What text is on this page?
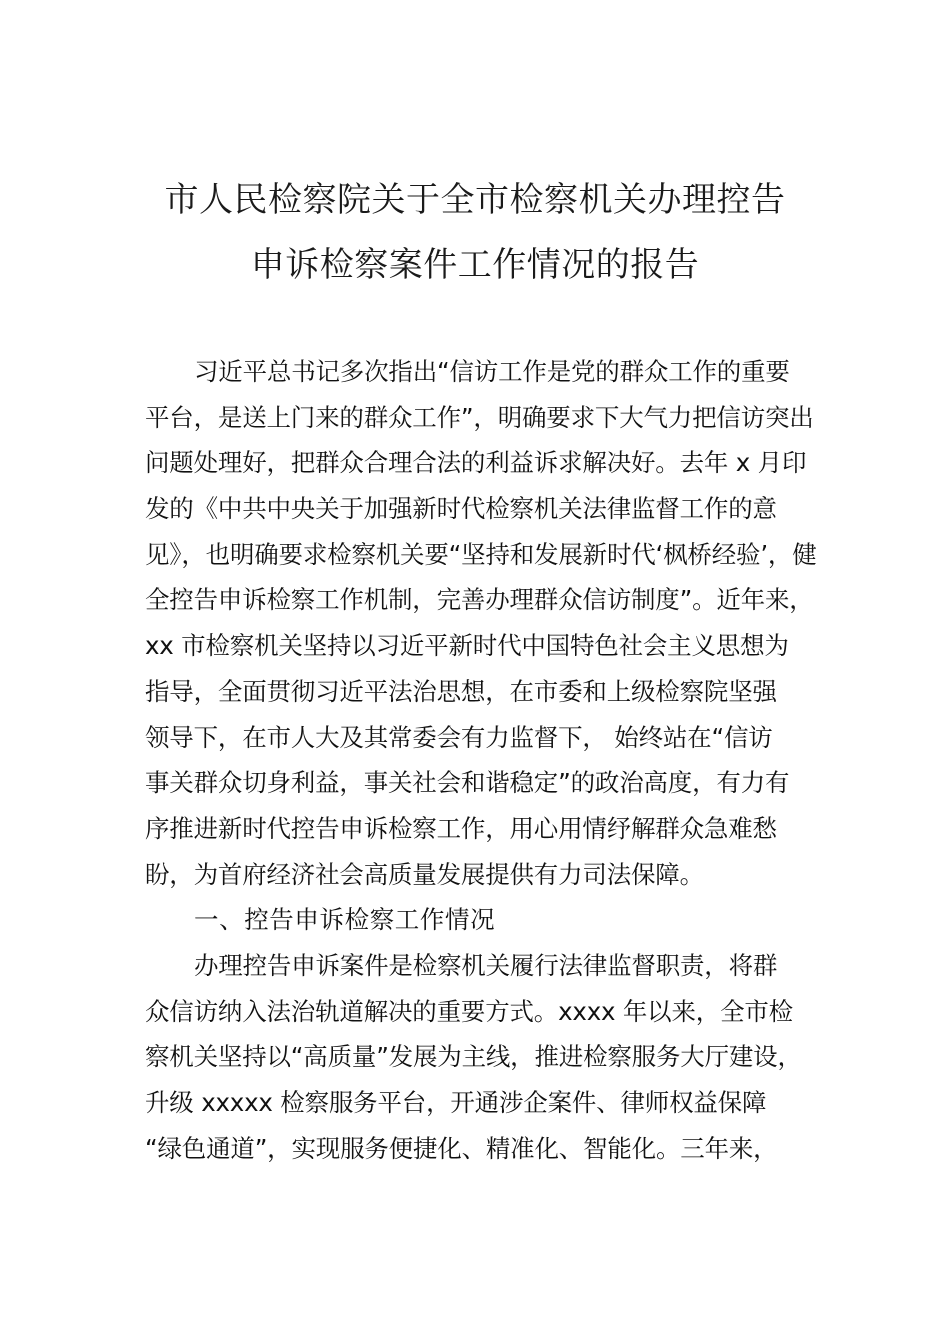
市人民检察院关于全市检察机关办理控告
申诉检察案件工作情况的报告
习近平总书记多次指出“信访工作是党的群众工作的重要
平台，是送上门来的群众工作”，明确要求下大气力把信访突出
问题处理好，把群众合理合法的利益诉求解决好。去年 x 月印
发的《中共中央关于加强新时代检察机关法律监督工作的意
见》，也明确要求检察机关要“坚持和发展新时代‘枫桥经验’，健
全控告申诉检察工作机制，完善办理群众信访制度”。近年来，
xx 市检察机关坚持以习近平新时代中国特色社会主义思想为
指导，全面贯彻习近平法治思想，在市委和上级检察院坚强
领导下，在市人大及其常委会有力监督下， 始终站在“信访
事关群众切身利益，事关社会和谐稳定”的政治高度，有力有
序推进新时代控告申诉检察工作，用心用情纾解群众急难愁
盼，为首府经济社会高质量发展提供有力司法保障。
一、控告申诉检察工作情况
办理控告申诉案件是检察机关履行法律监督职责，将群
众信访纳入法治轨道解决的重要方式。xxxx 年以来，全市检
察机关坚持以“高质量”发展为主线，推进检察服务大厅建设，
升级 xxxxx 检察服务平台，开通涉企案件、律师权益保障
“绿色通道”，实现服务便捷化、精准化、智能化。三年来，
